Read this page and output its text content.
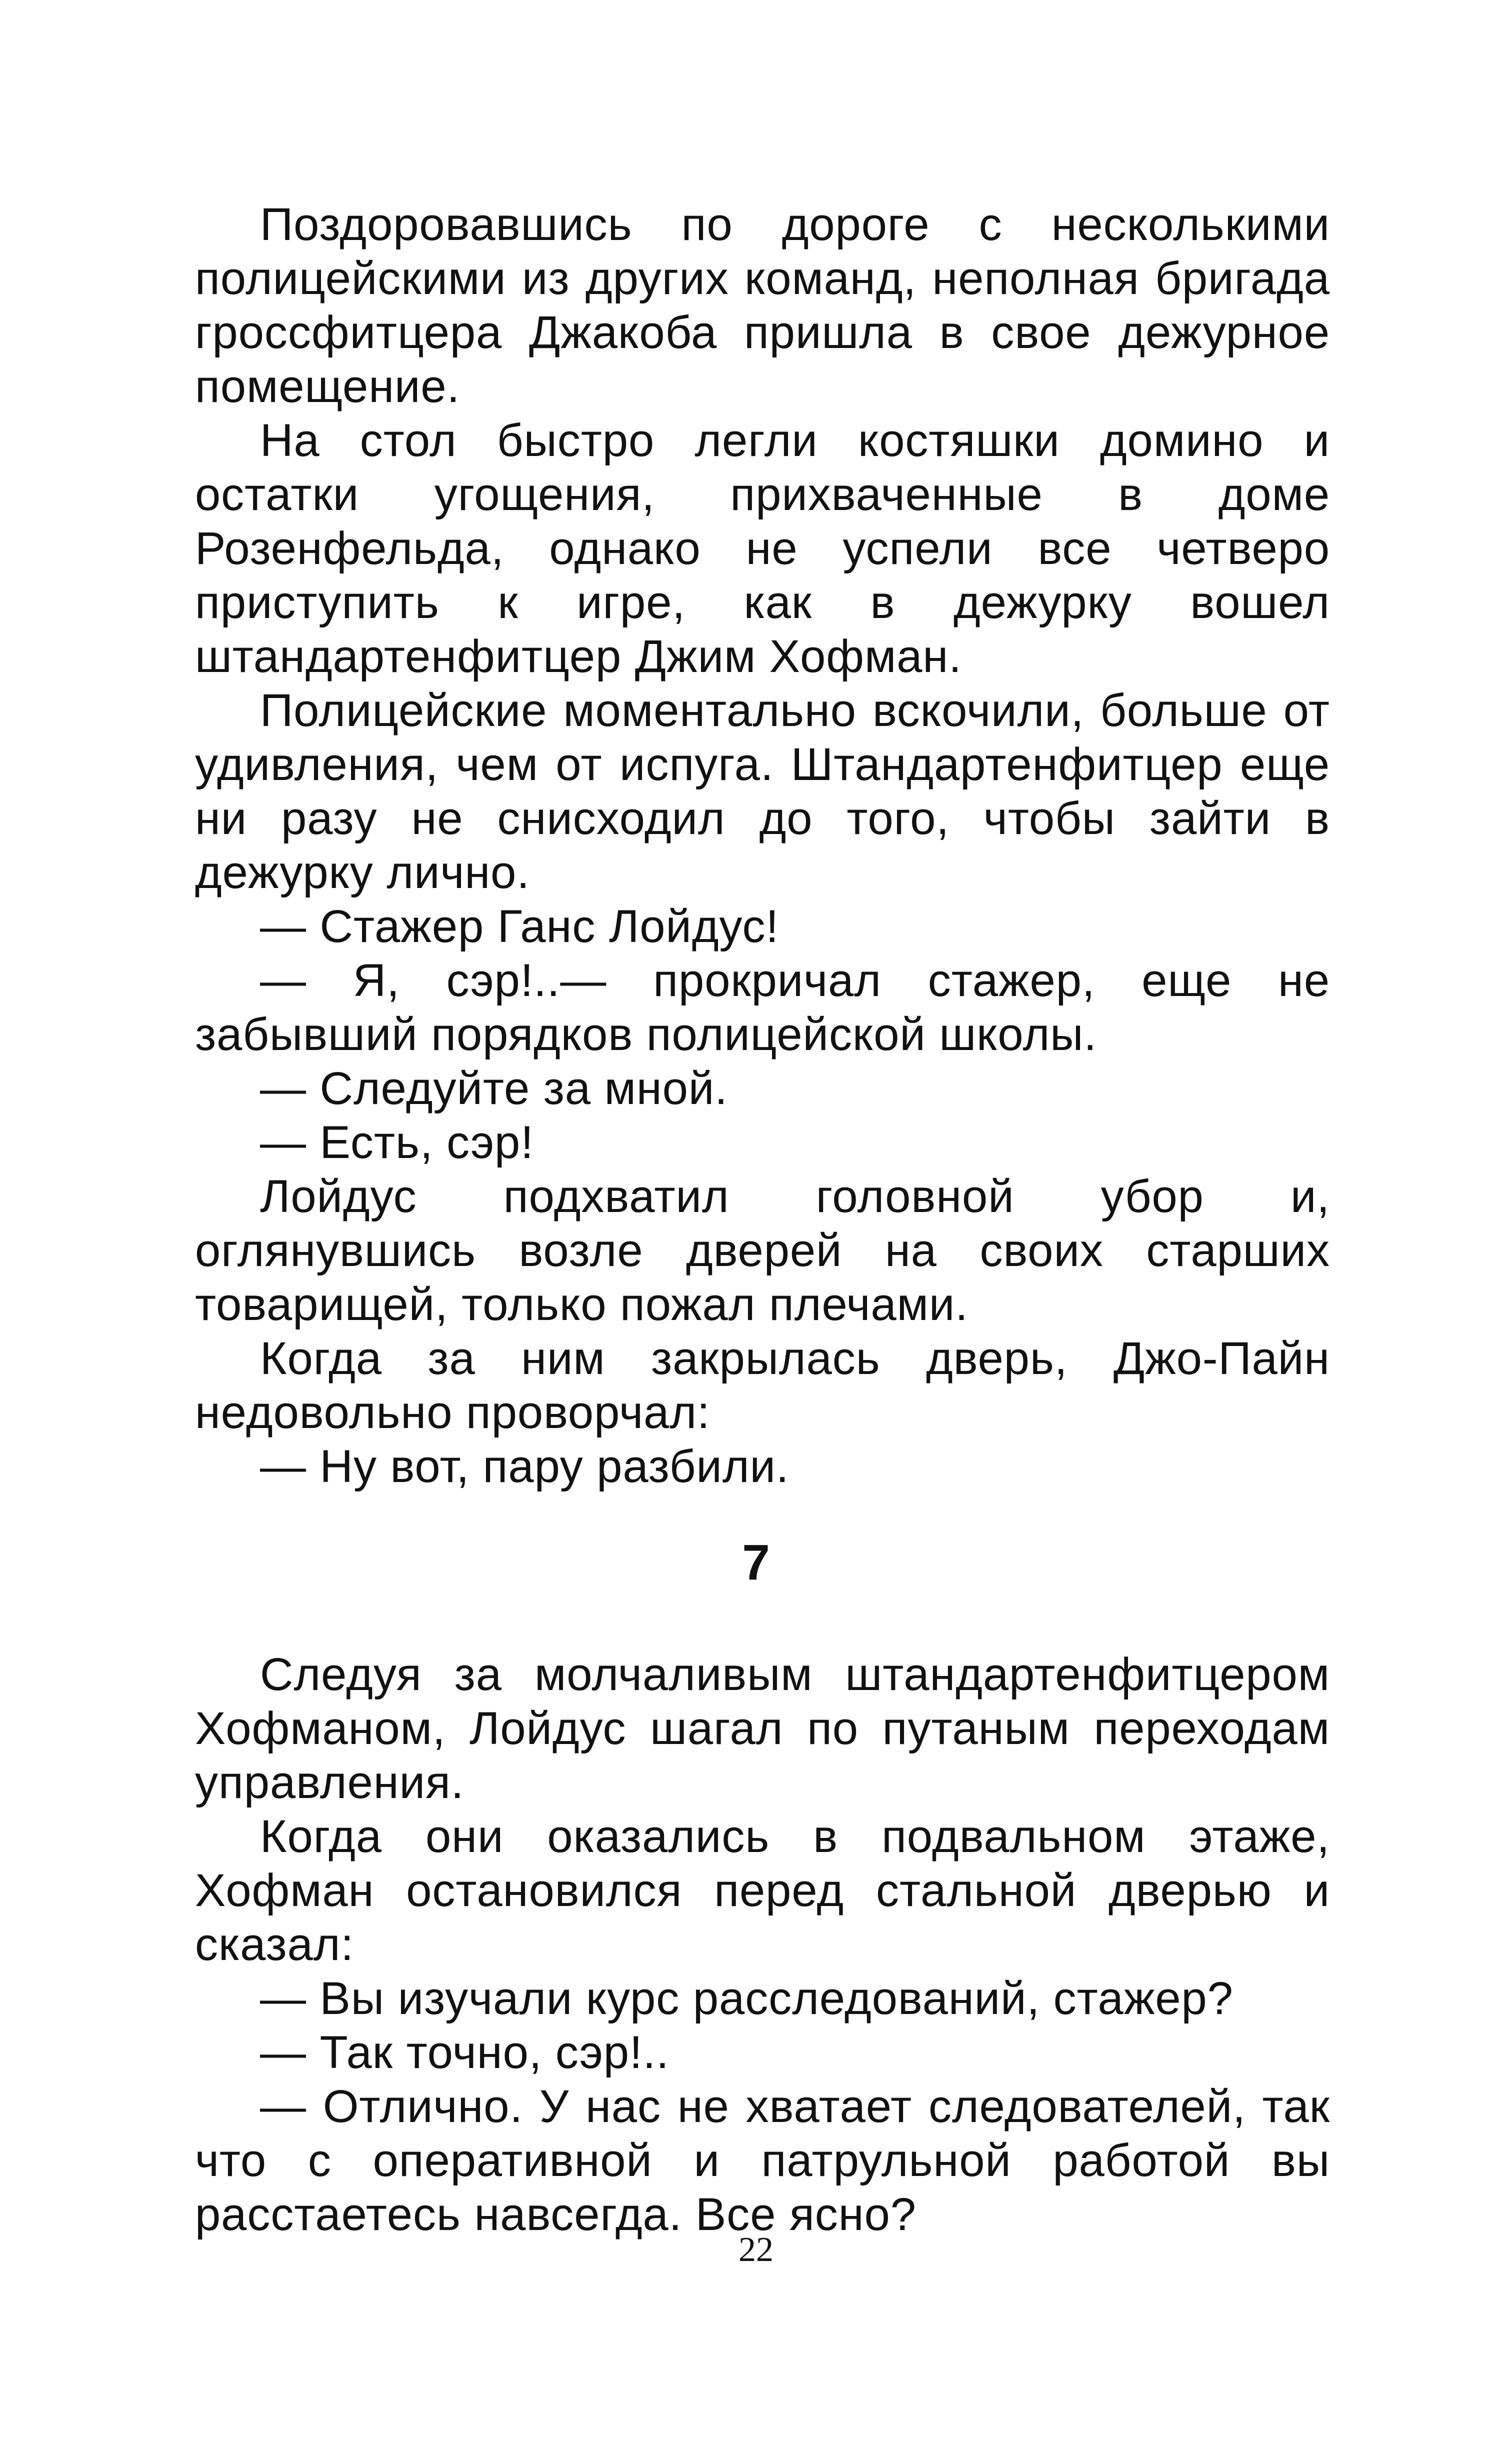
Поздоровавшись по дороге с несколькими полицейскими из других команд, неполная бригада гроссфитцера Джакоба пришла в свое дежурное помещение.

На стол быстро легли костяшки домино и остатки угощения, прихваченные в доме Розенфельда, однако не успели все четверо приступить к игре, как в дежурку вошел штандартенфитцер Джим Хофман.

Полицейские моментально вскочили, больше от удивления, чем от испуга. Штандартенфитцер еще ни разу не снисходил до того, чтобы зайти в дежурку лично.

— Стажер Ганс Лойдус!

— Я, сэр!..— прокричал стажер, еще не забывший порядков полицейской школы.

— Следуйте за мной.

— Есть, сэр!

Лойдус подхватил головной убор и, оглянувшись возле дверей на своих старших товарищей, только пожал плечами.

Когда за ним закрылась дверь, Джо-Пайн недовольно проворчал:

— Ну вот, пару разбили.

7

Следуя за молчаливым штандартенфитцером Хофманом, Лойдус шагал по путаным переходам управления.

Когда они оказались в подвальном этаже, Хофман остановился перед стальной дверью и сказал:

— Вы изучали курс расследований, стажер?

— Так точно, сэр!..

— Отлично. У нас не хватает следователей, так что с оперативной и патрульной работой вы расстаетесь навсегда. Все ясно?

22
